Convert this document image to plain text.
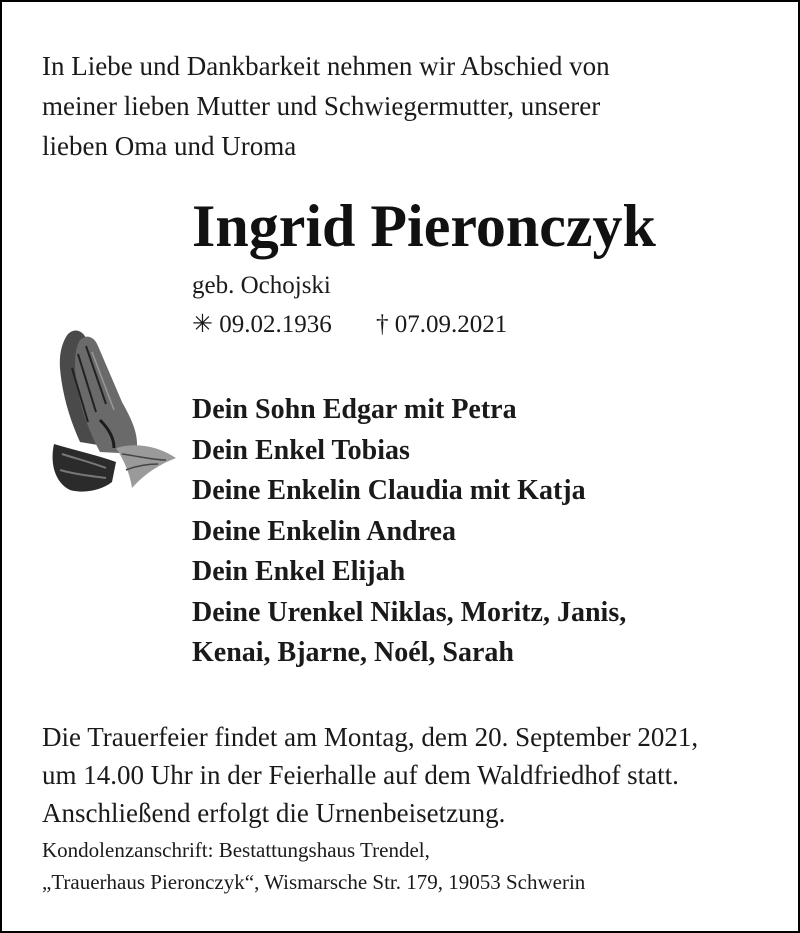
In Liebe und Dankbarkeit nehmen wir Abschied von
meiner lieben Mutter und Schwiegermutter, unserer
lieben Oma und Uroma
Ingrid Pieronczyk
geb. Ochojski
✳ 09.02.1936 † 07.09.2021
Dein Sohn Edgar mit Petra
Dein Enkel Tobias
Deine Enkelin Claudia mit Katja
Deine Enkelin Andrea
Dein Enkel Elijah
Deine Urenkel Niklas, Moritz, Janis,
Kenai, Bjarne, Noél, Sarah
Die Trauerfeier findet am Montag, dem 20. September 2021,
um 14.00 Uhr in der Feierhalle auf dem Waldfriedhof statt.
Anschließend erfolgt die Urnenbeisetzung.
Kondolenzanschrift: Bestattungshaus Trendel,
„Trauerhaus Pieronczyk“, Wismarsche Str. 179, 19053 Schwerin
